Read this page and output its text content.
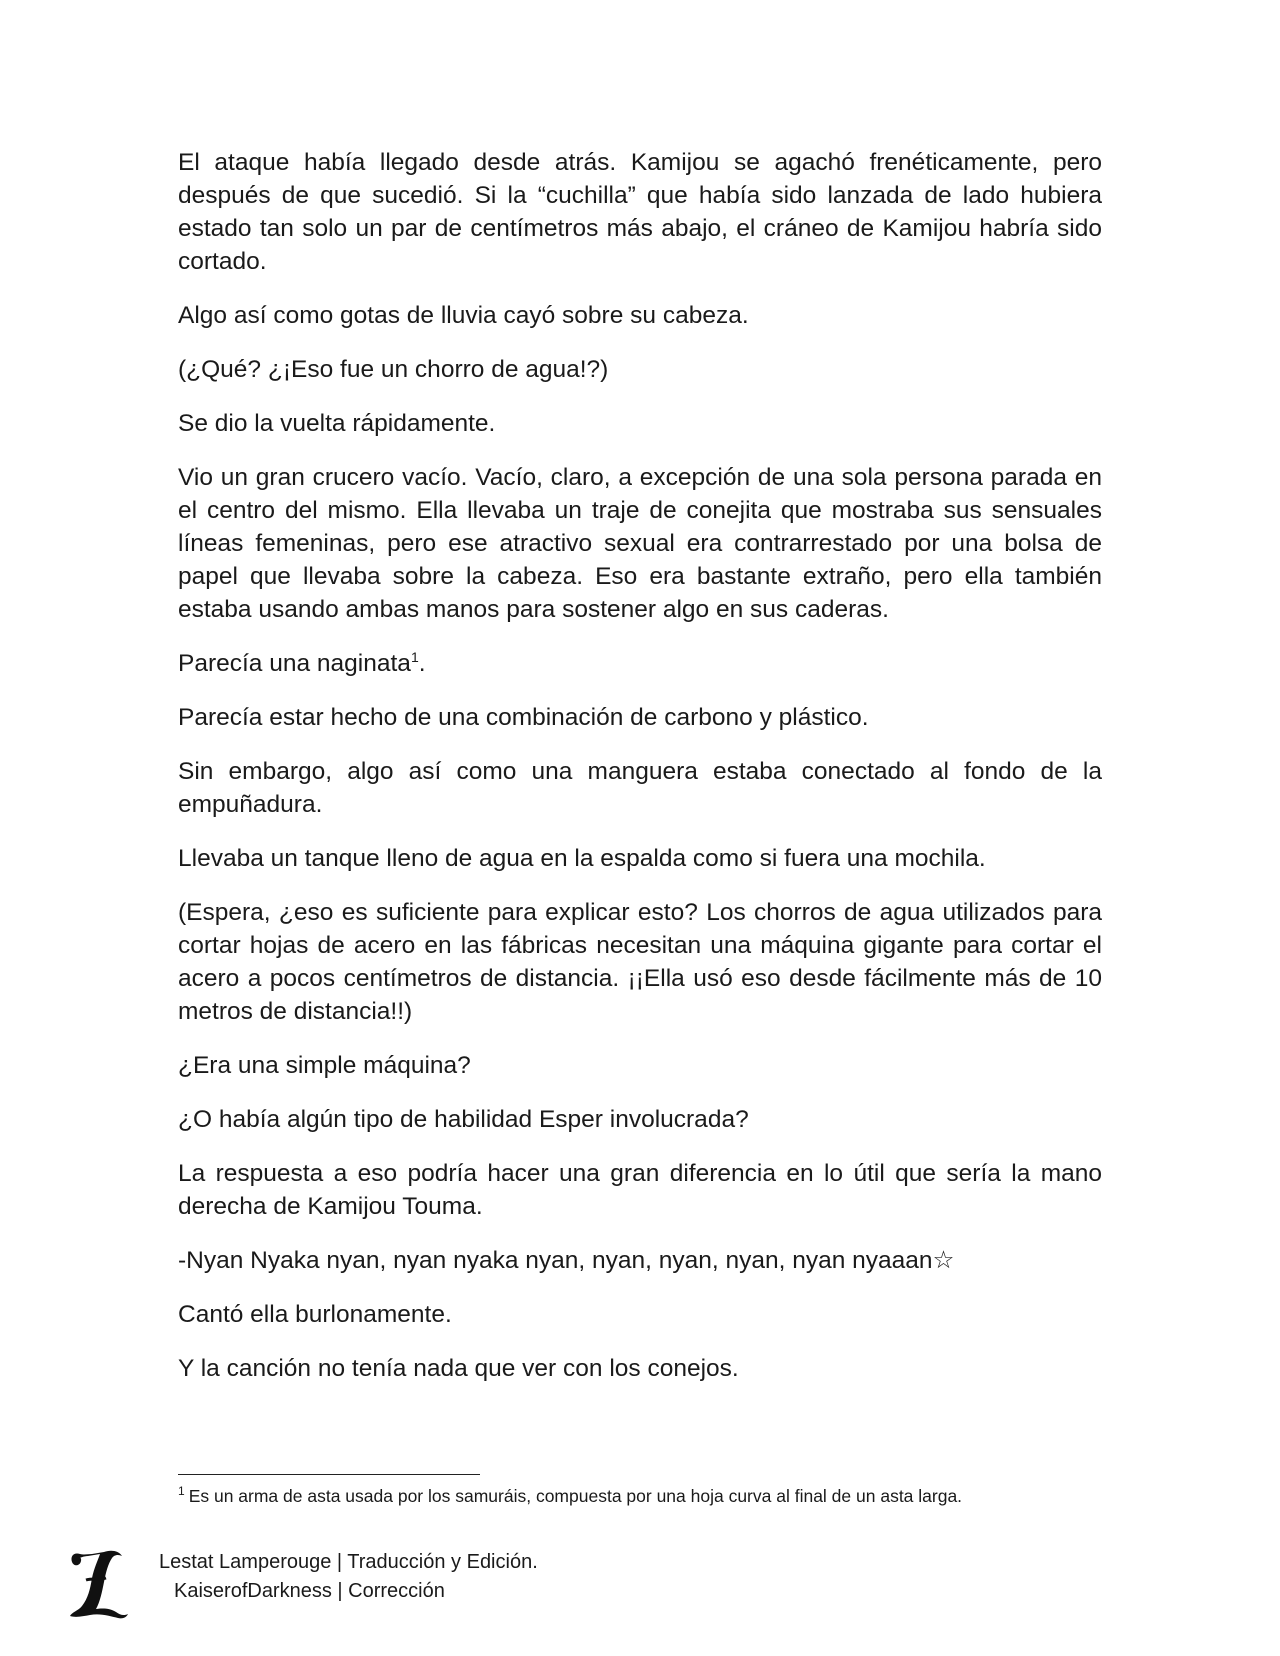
El ataque había llegado desde atrás. Kamijou se agachó frenéticamente, pero después de que sucedió. Si la “cuchilla” que había sido lanzada de lado hubiera estado tan solo un par de centímetros más abajo, el cráneo de Kamijou habría sido cortado.

Algo así como gotas de lluvia cayó sobre su cabeza.

(¿Qué? ¿¡Eso fue un chorro de agua!?)

Se dio la vuelta rápidamente.

Vio un gran crucero vacío. Vacío, claro, a excepción de una sola persona parada en el centro del mismo. Ella llevaba un traje de conejita que mostraba sus sensuales líneas femeninas, pero ese atractivo sexual era contrarrestado por una bolsa de papel que llevaba sobre la cabeza. Eso era bastante extraño, pero ella también estaba usando ambas manos para sostener algo en sus caderas.

Parecía una naginata$^1$.

Parecía estar hecho de una combinación de carbono y plástico.

Sin embargo, algo así como una manguera estaba conectado al fondo de la empuñadura.

Llevaba un tanque lleno de agua en la espalda como si fuera una mochila.

(Espera, ¿eso es suficiente para explicar esto? Los chorros de agua utilizados para cortar hojas de acero en las fábricas necesitan una máquina gigante para cortar el acero a pocos centímetros de distancia. ¡¡Ella usó eso desde fácilmente más de 10 metros de distancia!!)

¿Era una simple máquina?

¿O había algún tipo de habilidad Esper involucrada?

La respuesta a eso podría hacer una gran diferencia en lo útil que sería la mano derecha de Kamijou Touma.

-Nyan Nyaka nyan, nyan nyaka nyan, nyan, nyan, nyan, nyan nyaaan☆

Cantó ella burlonamente.

Y la canción no tenía nada que ver con los conejos.

$^1$ Es un arma de asta usada por los samuráis, compuesta por una hoja curva al final de un asta larga.
Lestat Lamperouge | Traducción y Edición.
KaiserofDarkness | Corrección
